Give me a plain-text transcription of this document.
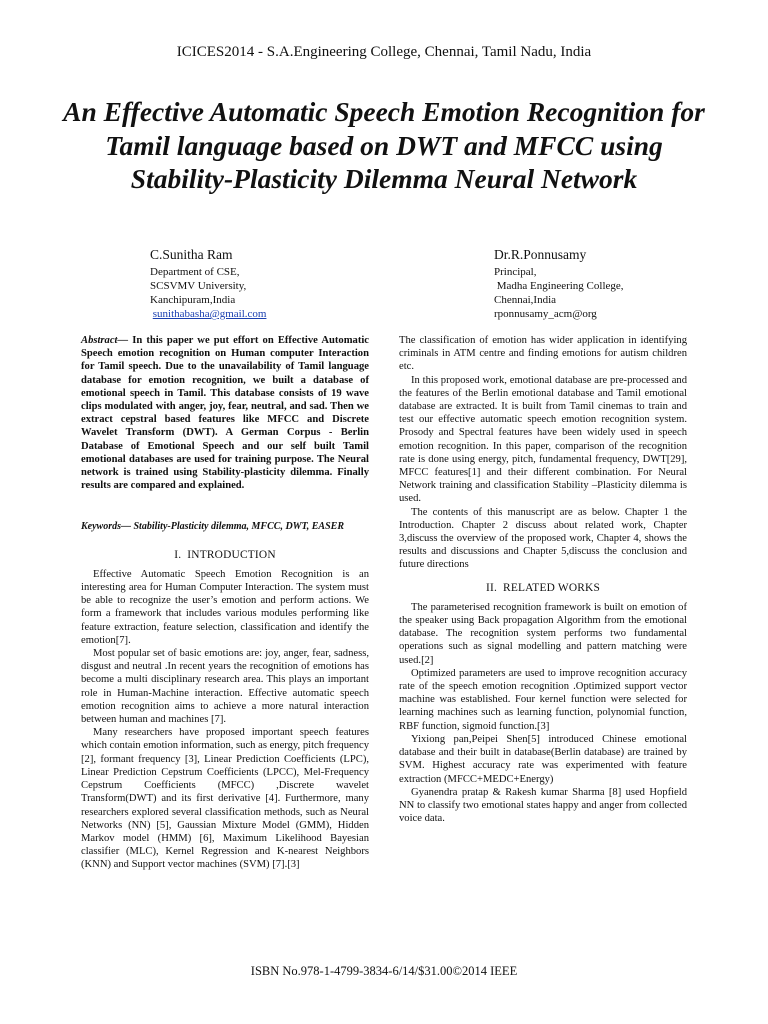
ICICES2014 - S.A.Engineering College, Chennai, Tamil Nadu, India
An Effective Automatic Speech Emotion Recognition for Tamil language based on DWT and MFCC using Stability-Plasticity Dilemma Neural Network
C.Sunitha Ram
Department of CSE,
SCSVMV University,
Kanchipuram,India
sunithabasha@gmail.com
Dr.R.Ponnusamy
Principal,
Madha Engineering College,
Chennai,India
rponnusamy_acm@org

Abstract— In this paper we put effort on Effective Automatic Speech emotion recognition on Human computer Interaction for Tamil speech. Due to the unavailability of Tamil language database for emotion recognition, we built a database of emotional speech in Tamil. This database consists of 19 wave clips modulated with anger, joy, fear, neutral, and sad. Then we extract cepstral based features like MFCC and Discrete Wavelet Transform (DWT). A German Corpus - Berlin Database of Emotional Speech and our self built Tamil emotional databases are used for training purpose. The Neural network is trained using Stability-plasticity dilemma. Finally results are compared and explained.

Keywords— Stability-Plasticity dilemma, MFCC, DWT, EASER

I. INTRODUCTION

Effective Automatic Speech Emotion Recognition is an interesting area for Human Computer Interaction. The system must be able to recognize the user’s emotion and perform actions. We form a framework that includes various modules performing like feature extraction, feature selection, classification and identify the emotion[7].

Most popular set of basic emotions are: joy, anger, fear, sadness, disgust and neutral .In recent years the recognition of emotions has become a multi disciplinary research area. This plays an important role in Human-Machine interaction. Effective automatic speech emotion recognition aims to achieve a more natural interaction between human and machines [7].

Many researchers have proposed important speech features which contain emotion information, such as energy, pitch frequency [2], formant frequency [3], Linear Prediction Coefficients (LPC), Linear Prediction Cepstrum Coefficients (LPCC), Mel-Frequency Cepstrum Coefficients (MFCC) ,Discrete wavelet Transform(DWT) and its first derivative [4]. Furthermore, many researchers explored several classification methods, such as Neural Networks (NN) [5], Gaussian Mixture Model (GMM), Hidden Markov model (HMM) [6], Maximum Likelihood Bayesian classifier (MLC), Kernel Regression and K-nearest Neighbors (KNN) and Support vector machines (SVM) [7].[3]

The classification of emotion has wider application in identifying criminals in ATM centre and finding emotions for autism children etc.

In this proposed work, emotional database are pre-processed and the features of the Berlin emotional database and Tamil emotional database are extracted. It is built from Tamil cinemas to train and test our effective automatic speech emotion recognition system. Prosody and Spectral features have been widely used in speech emotion recognition. In this paper, comparison of the recognition rate is done using energy, pitch, fundamental frequency, DWT[29], MFCC features[1] and their different combination. For Neural Network training and classification Stability –Plasticity dilemma is used.

The contents of this manuscript are as below. Chapter 1 the Introduction. Chapter 2 discuss about related work, Chapter 3,discuss the overview of the proposed work, Chapter 4, shows the results and discussions and Chapter 5,discuss the conclusion and future directions

II. RELATED WORKS

The parameterised recognition framework is built on emotion of the speaker using Back propagation Algorithm from the emotional database. The recognition system performs two fundamental operations such as signal modelling and pattern matching were used.[2]

Optimized parameters are used to improve recognition accuracy rate of the speech emotion recognition .Optimized support vector machine was established. Four kernel function were selected for learning machines such as learning function, polynomial function, RBF function, sigmoid function.[3]

Yixiong pan,Peipei Shen[5] introduced Chinese emotional database and their built in database(Berlin database) are trained by SVM. Highest accuracy rate was experimented with feature extraction (MFCC+MEDC+Energy)

Gyanendra pratap & Rakesh kumar Sharma [8] used Hopfield NN to classify two emotional states happy and anger from collected voice data.

ISBN No.978-1-4799-3834-6/14/$31.00©2014 IEEE
